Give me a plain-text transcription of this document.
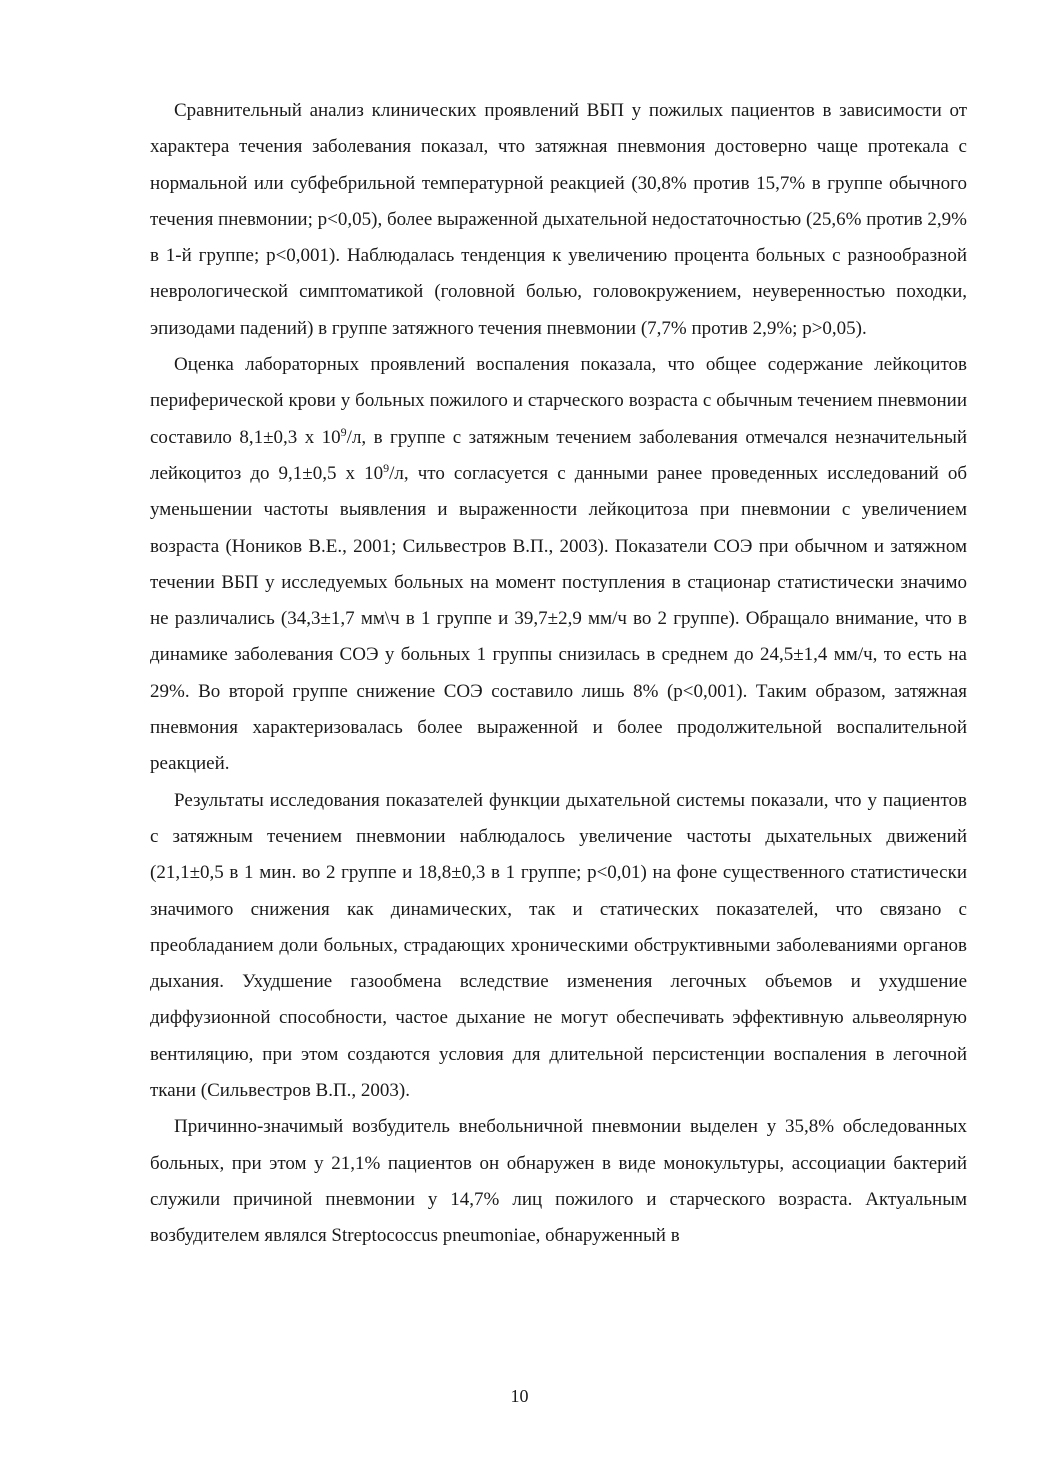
Сравнительный анализ клинических проявлений ВБП у пожилых пациентов в зависимости от характера течения заболевания показал, что затяжная пневмония достоверно чаще протекала с нормальной или субфебрильной температурной реакцией (30,8% против 15,7% в группе обычного течения пневмонии; р<0,05), более выраженной дыхательной недостаточностью (25,6% против 2,9% в 1-й группе; р<0,001). Наблюдалась тенденция к увеличению процента больных с разнообразной неврологической симптоматикой (головной болью, головокружением, неуверенностью походки, эпизодами падений) в группе затяжного течения пневмонии (7,7% против 2,9%; р>0,05).

Оценка лабораторных проявлений воспаления показала, что общее содержание лейкоцитов периферической крови у больных пожилого и старческого возраста с обычным течением пневмонии составило 8,1±0,3 х $10^9/л$, в группе с затяжным течением заболевания отмечался незначительный лейкоцитоз до 9,1±0,5 х $10^9/л$, что согласуется с данными ранее проведенных исследований об уменьшении частоты выявления и выраженности лейкоцитоза при пневмонии с увеличением возраста (Нoников В.Е., 2001; Сильвестров В.П., 2003). Показатели СОЭ при обычном и затяжном течении ВБП у исследуемых больных на момент поступления в стационар статистически значимо не различались (34,3±1,7 мм\ч в 1 группе и 39,7±2,9 мм/ч во 2 группе). Обращало внимание, что в динамике заболевания СОЭ у больных 1 группы снизилась в среднем до 24,5±1,4 мм/ч, то есть на 29%. Во второй группе снижение СОЭ составило лишь 8% (р<0,001). Таким образом, затяжная пневмония характеризовалась более выраженной и более продолжительной воспалительной реакцией.

Результаты исследования показателей функции дыхательной системы показали, что у пациентов с затяжным течением пневмонии наблюдалось увеличение частоты дыхательных движений (21,1±0,5 в 1 мин. во 2 группе и 18,8±0,3 в 1 группе; р<0,01) на фоне существенного статистически значимого снижения как динамических, так и статических показателей, что связано с преобладанием доли больных, страдающих хроническими обструктивными заболеваниями органов дыхания. Ухудшение газообмена вследствие изменения легочных объемов и ухудшение диффузионной способности, частое дыхание не могут обеспечивать эффективную альвеолярную вентиляцию, при этом создаются условия для длительной персистенции воспаления в легочной ткани (Сильвестров В.П., 2003).

Причинно-значимый возбудитель внебольничной пневмонии выделен у 35,8% обследованных больных, при этом у 21,1% пациентов он обнаружен в виде монокультуры, ассоциации бактерий служили причиной пневмонии у 14,7% лиц пожилого и старческого возраста. Актуальным возбудителем являлся Streptococcus pneumoniae, обнаруженный в

10
